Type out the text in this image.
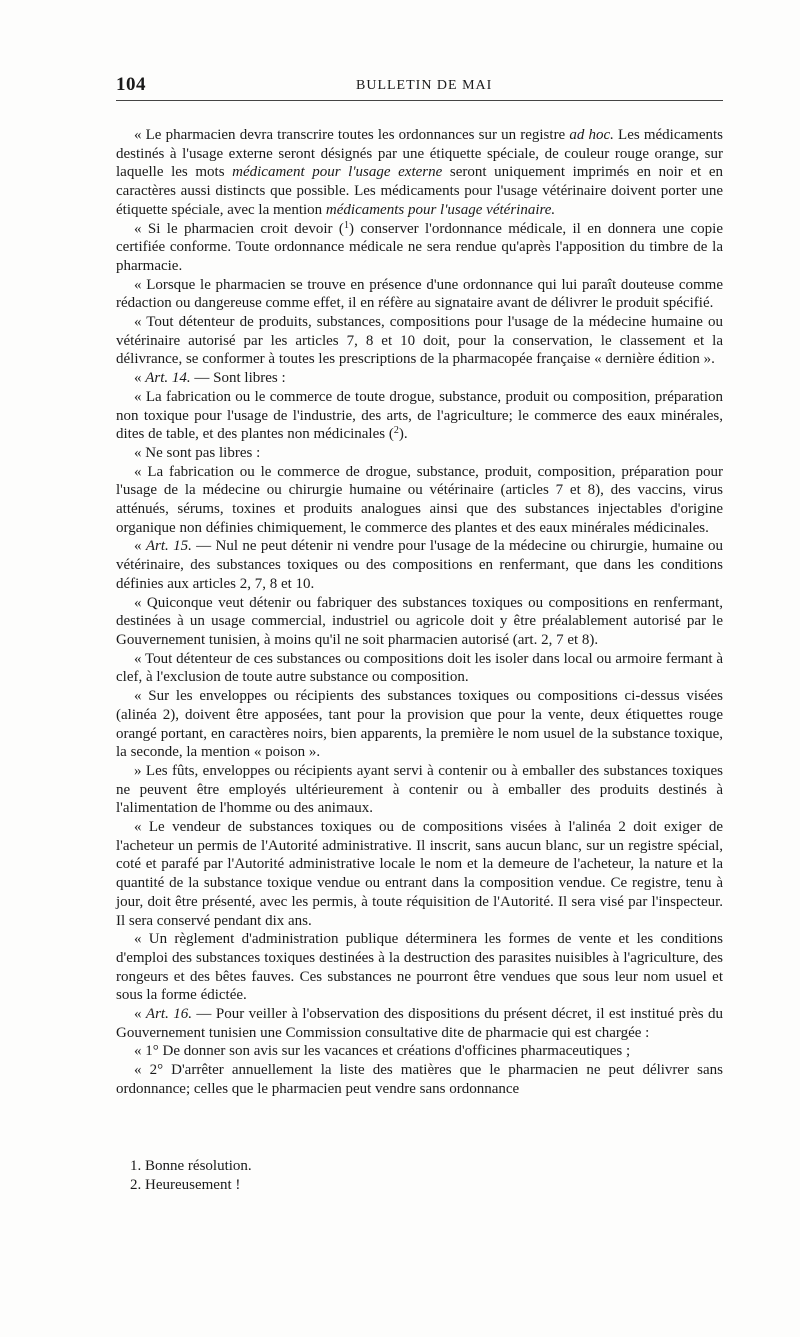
104	BULLETIN DE MAI

« Le pharmacien devra transcrire toutes les ordonnances sur un registre ad hoc. Les médicaments destinés à l'usage externe seront désignés par une étiquette spéciale, de couleur rouge orange, sur laquelle les mots médicament pour l'usage externe seront uniquement imprimés en noir et en caractères aussi distincts que possible. Les médicaments pour l'usage vétérinaire doivent porter une étiquette spéciale, avec la mention médicaments pour l'usage vétérinaire.

« Si le pharmacien croit devoir ($^1$) conserver l'ordonnance médicale, il en donnera une copie certifiée conforme. Toute ordonnance médicale ne sera rendue qu'après l'apposition du timbre de la pharmacie.

« Lorsque le pharmacien se trouve en présence d'une ordonnance qui lui paraît douteuse comme rédaction ou dangereuse comme effet, il en réfère au signataire avant de délivrer le produit spécifié.

« Tout détenteur de produits, substances, compositions pour l'usage de la médecine humaine ou vétérinaire autorisé par les articles 7, 8 et 10 doit, pour la conservation, le classement et la délivrance, se conformer à toutes les prescriptions de la pharmacopée française « dernière édition ».

« Art. 14. — Sont libres :

« La fabrication ou le commerce de toute drogue, substance, produit ou composition, préparation non toxique pour l'usage de l'industrie, des arts, de l'agriculture; le commerce des eaux minérales, dites de table, et des plantes non médicinales ($^2$).

« Ne sont pas libres :

« La fabrication ou le commerce de drogue, substance, produit, composition, préparation pour l'usage de la médecine ou chirurgie humaine ou vétérinaire (articles 7 et 8), des vaccins, virus atténués, sérums, toxines et produits analogues ainsi que des substances injectables d'origine organique non définies chimiquement, le commerce des plantes et des eaux minérales médicinales.

« Art. 15. — Nul ne peut détenir ni vendre pour l'usage de la médecine ou chirurgie, humaine ou vétérinaire, des substances toxiques ou des compositions en renfermant, que dans les conditions définies aux articles 2, 7, 8 et 10.

« Quiconque veut détenir ou fabriquer des substances toxiques ou compositions en renfermant, destinées à un usage commercial, industriel ou agricole doit y être préalablement autorisé par le Gouvernement tunisien, à moins qu'il ne soit pharmacien autorisé (art. 2, 7 et 8).

« Tout détenteur de ces substances ou compositions doit les isoler dans local ou armoire fermant à clef, à l'exclusion de toute autre substance ou composition.

« Sur les enveloppes ou récipients des substances toxiques ou compositions ci-dessus visées (alinéa 2), doivent être apposées, tant pour la provision que pour la vente, deux étiquettes rouge orangé portant, en caractères noirs, bien apparents, la première le nom usuel de la substance toxique, la seconde, la mention « poison ».

» Les fûts, enveloppes ou récipients ayant servi à contenir ou à emballer des substances toxiques ne peuvent être employés ultérieurement à contenir ou à emballer des produits destinés à l'alimentation de l'homme ou des animaux.

« Le vendeur de substances toxiques ou de compositions visées à l'alinéa 2 doit exiger de l'acheteur un permis de l'Autorité administrative. Il inscrit, sans aucun blanc, sur un registre spécial, coté et parafé par l'Autorité administrative locale le nom et la demeure de l'acheteur, la nature et la quantité de la substance toxique vendue ou entrant dans la composition vendue. Ce registre, tenu à jour, doit être présenté, avec les permis, à toute réquisition de l'Autorité. Il sera visé par l'inspecteur. Il sera conservé pendant dix ans.

« Un règlement d'administration publique déterminera les formes de vente et les conditions d'emploi des substances toxiques destinées à la destruction des parasites nuisibles à l'agriculture, des rongeurs et des bêtes fauves. Ces substances ne pourront être vendues que sous leur nom usuel et sous la forme édictée.

« Art. 16. — Pour veiller à l'observation des dispositions du présent décret, il est institué près du Gouvernement tunisien une Commission consultative dite de pharmacie qui est chargée :

« 1° De donner son avis sur les vacances et créations d'officines pharmaceutiques ;

« 2° D'arrêter annuellement la liste des matières que le pharmacien ne peut délivrer sans ordonnance; celles que le pharmacien peut vendre sans ordonnance

1. Bonne résolution.

2. Heureusement !
